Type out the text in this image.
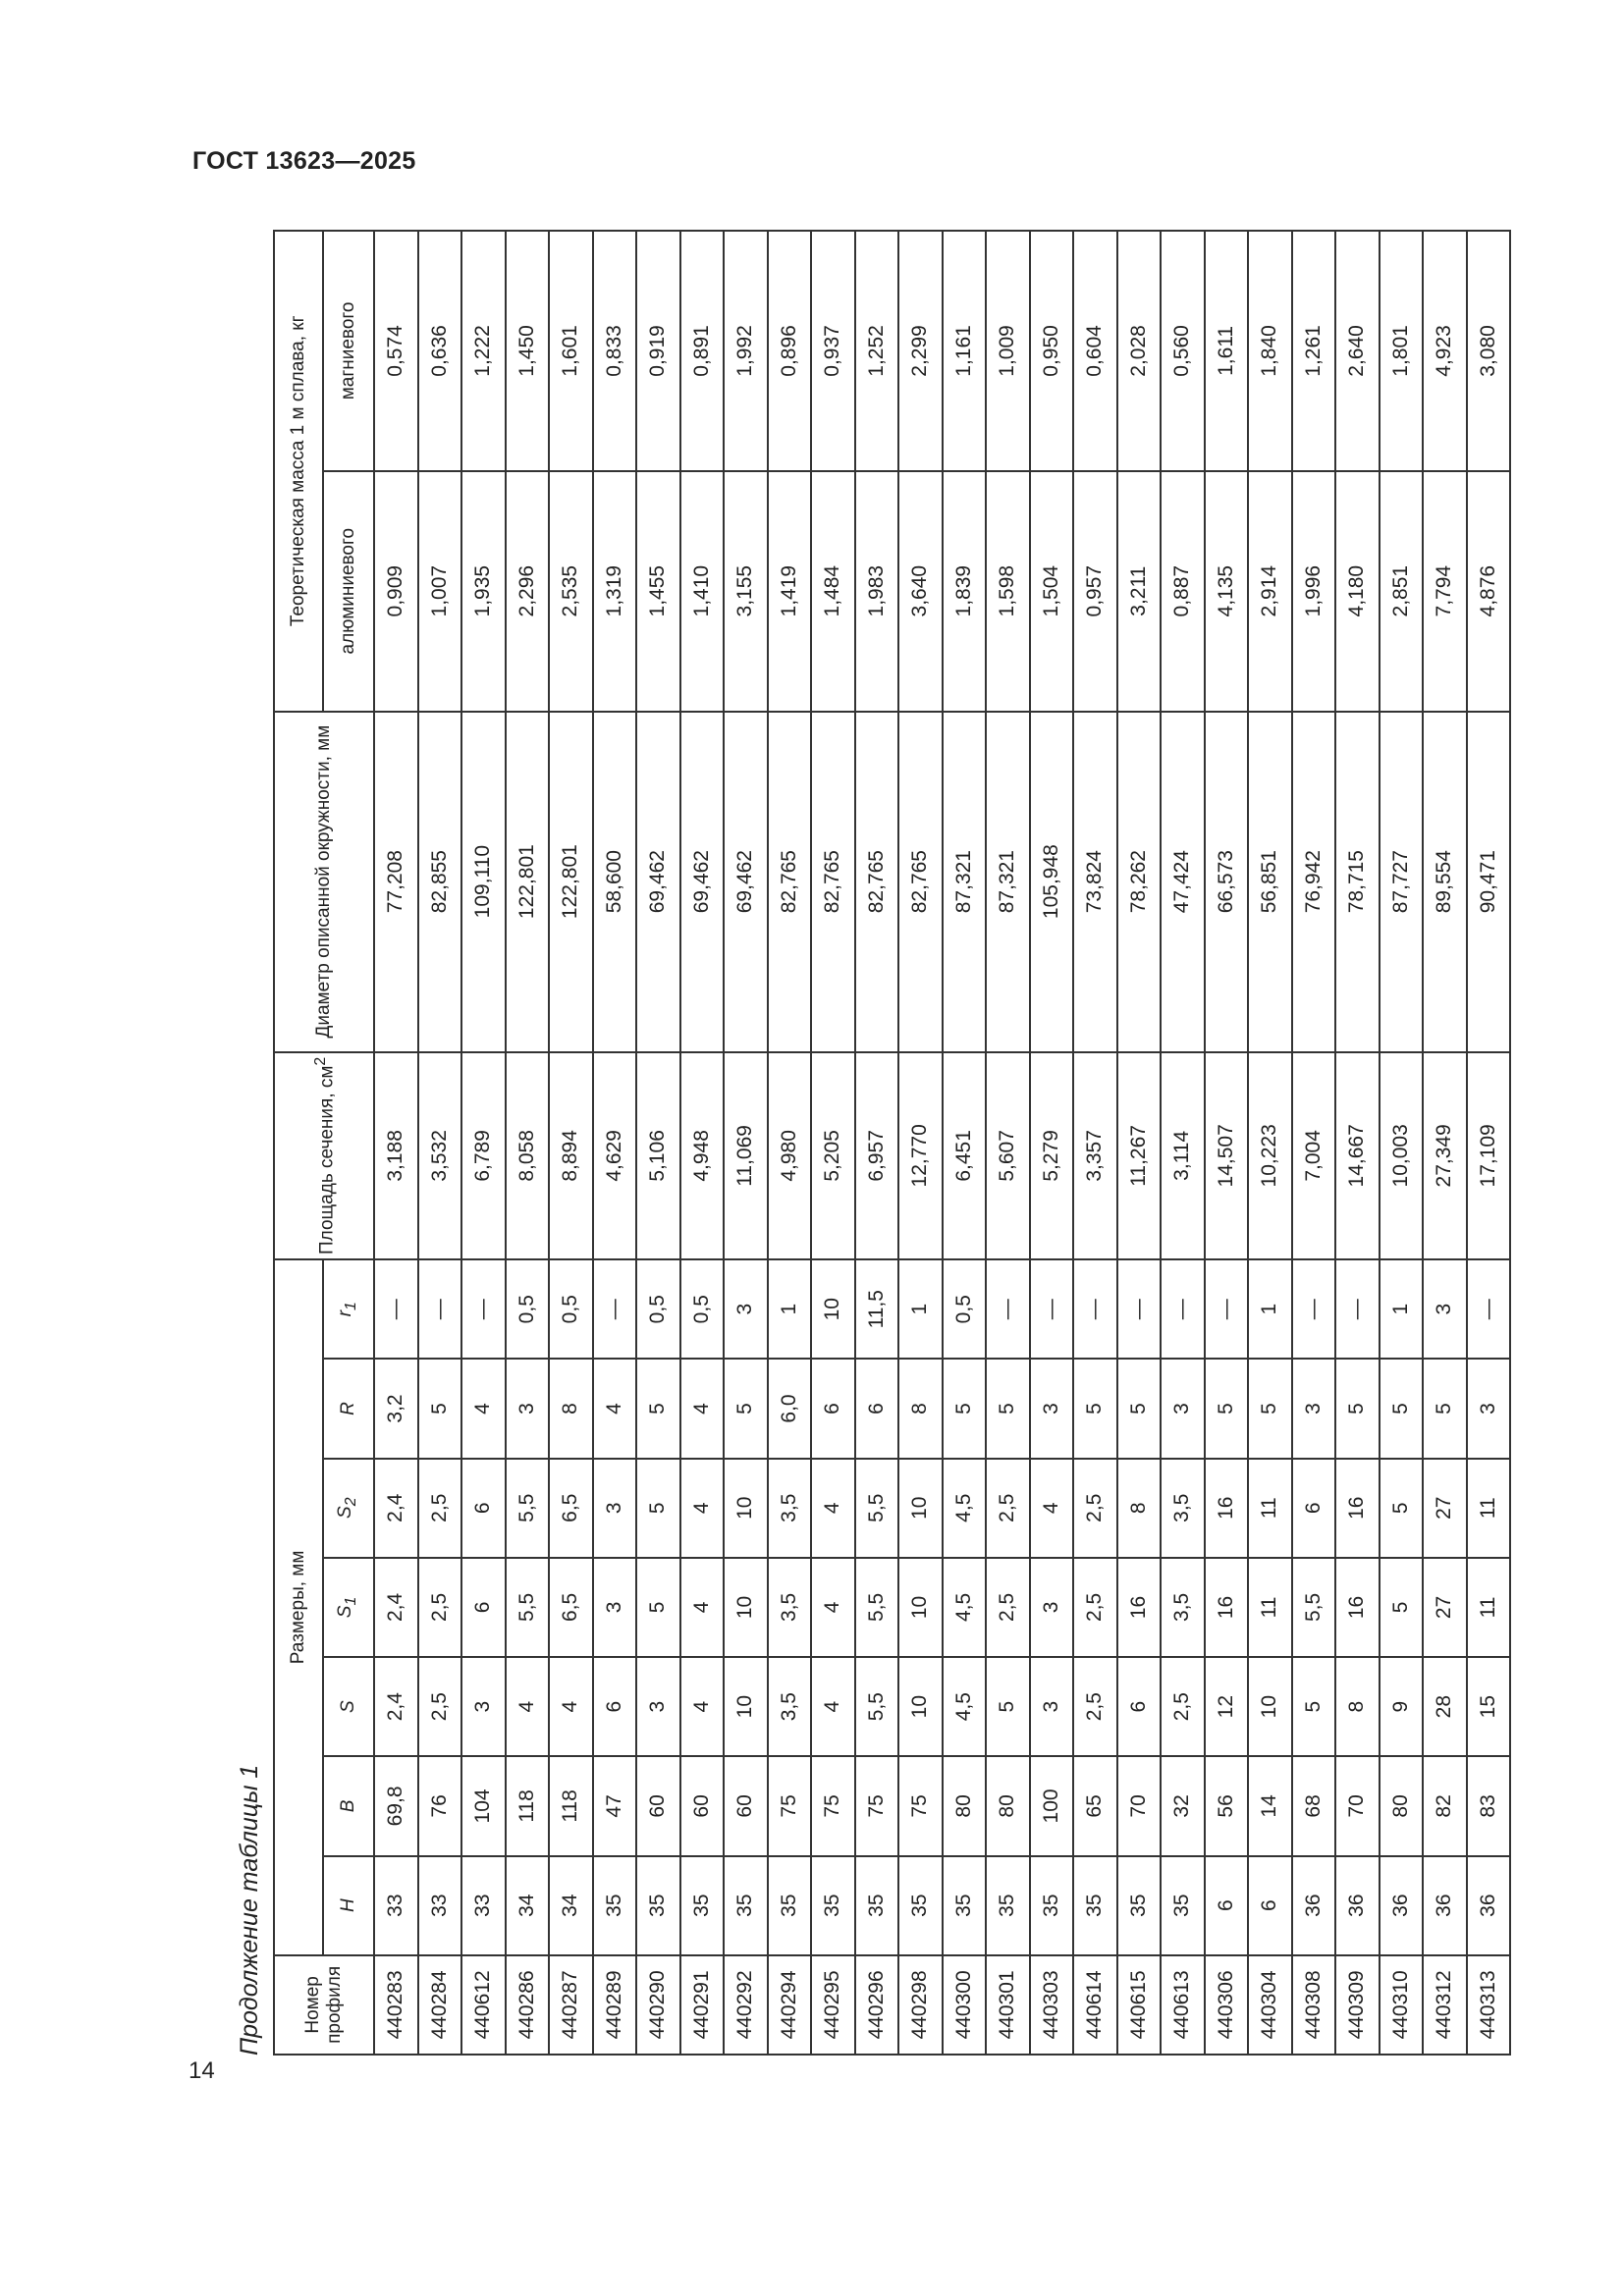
ГОСТ 13623—2025
14
Продолжение таблицы 1	Номер профиля	Размеры, мм							Площадь сечения, $см^2$	Диаметр описанной окружности, мм	Теоретическая масса 1 м сплава, кг	
	H	B	S	$S_1$	$S_2$	R	$r_1$			алюминиевого	магниевого
440283	33	69,8	2,4	2,4	2,4	3,2	—	3,188	77,208	0,909	0,574
440284	33	76	2,5	2,5	2,5	5	—	3,532	82,855	1,007	0,636
440612	33	104	3	6	6	4	—	6,789	109,110	1,935	1,222
440286	34	118	4	5,5	5,5	3	0,5	8,058	122,801	2,296	1,450
440287	34	118	4	6,5	6,5	8	0,5	8,894	122,801	2,535	1,601
440289	35	47	6	3	3	4	—	4,629	58,600	1,319	0,833
440290	35	60	3	5	5	5	0,5	5,106	69,462	1,455	0,919
440291	35	60	4	4	4	4	0,5	4,948	69,462	1,410	0,891
440292	35	60	10	10	10	5	3	11,069	69,462	3,155	1,992
440294	35	75	3,5	3,5	3,5	6,0	1	4,980	82,765	1,419	0,896
440295	35	75	4	4	4	6	10	5,205	82,765	1,484	0,937
440296	35	75	5,5	5,5	5,5	6	11,5	6,957	82,765	1,983	1,252
440298	35	75	10	10	10	8	1	12,770	82,765	3,640	2,299
440300	35	80	4,5	4,5	4,5	5	0,5	6,451	87,321	1,839	1,161
440301	35	80	5	2,5	2,5	5	—	5,607	87,321	1,598	1,009
440303	35	100	3	3	4	3	—	5,279	105,948	1,504	0,950
440614	35	65	2,5	2,5	2,5	5	—	3,357	73,824	0,957	0,604
440615	35	70	6	16	8	5	—	11,267	78,262	3,211	2,028
440613	35	32	2,5	3,5	3,5	3	—	3,114	47,424	0,887	0,560
440306	6	56	12	16	16	5	—	14,507	66,573	4,135	1,611
440304	6	14	10	11	11	5	1	10,223	56,851	2,914	1,840
440308	36	68	5	5,5	6	3	—	7,004	76,942	1,996	1,261
440309	36	70	8	16	16	5	—	14,667	78,715	4,180	2,640
440310	36	80	9	5	5	5	1	10,003	87,727	2,851	1,801
440312	36	82	28	27	27	5	3	27,349	89,554	7,794	4,923
440313	36	83	15	11	11	3	—	17,109	90,471	4,876	3,080
